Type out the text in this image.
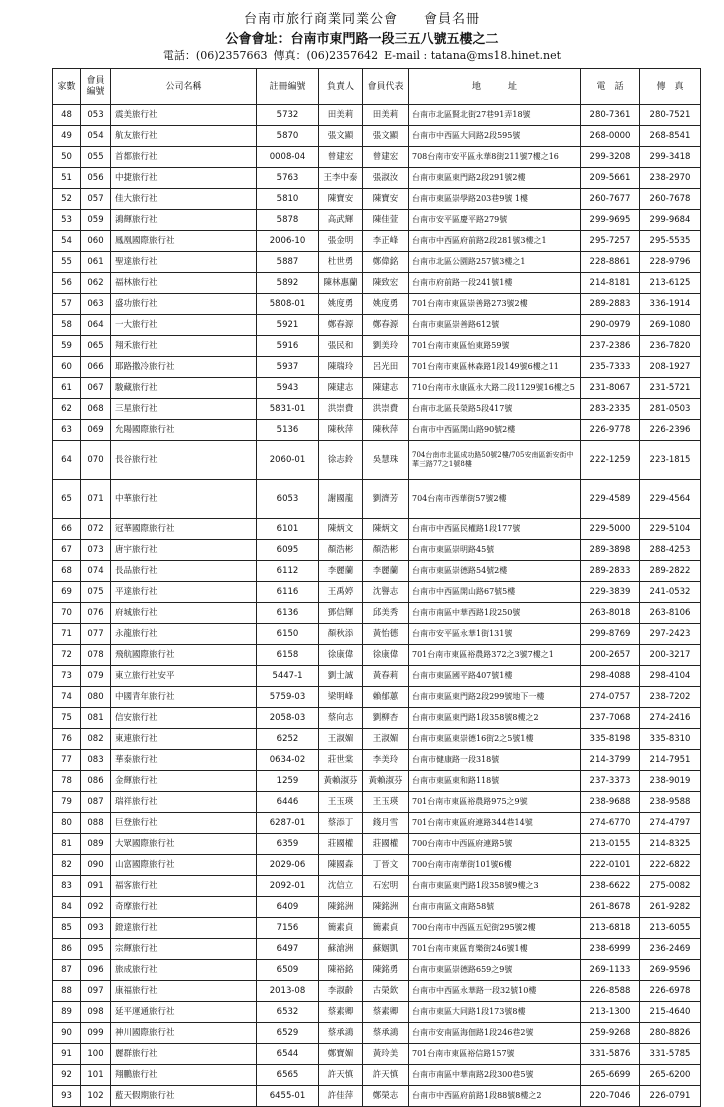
台南市旅行商業同業公會 會員名冊
公會會址：台南市東門路一段三五八號五樓之二
電話：(06)2357663 傳真：(06)2357642 E-mail : tatana@ms18.hinet.net
家數	會員編號	公司名稱	註冊編號	負責人	會員代表	地　　　址	電　話	傳　真
48	053	震美旅行社	5732	田美莉	田美莉	台南市北區賢北街27巷91弄18號	280-7361	280-7521
49	054	航友旅行社	5870	張文顯	張文顯	台南市中西區大同路2段595號	268-0000	268-8541
50	055	首都旅行社	0008-04	曾建宏	曾建宏	708台南市安平區永華8街211號7樓之16	299-3208	299-3418
51	056	中捷旅行社	5763	王李中泰	張淑汝	台南市東區東門路2段291號2樓	209-5661	238-2970
52	057	佳大旅行社	5810	陳寶安	陳寶安	台南市東區崇學路203巷9號 1樓	260-7677	260-7678
53	059	鴻輝旅行社	5878	高武輝	陳佳萱	台南市安平區慶平路279號	299-9695	299-9684
54	060	鳳凰國際旅行社	2006-10	張金明	李正峰	台南市中西區府前路2段281號3樓之1	295-7257	295-5535
55	061	聖達旅行社	5887	杜世勇	鄭偉銘	台南市北區公園路257號3樓之1	228-8861	228-9796
56	062	福林旅行社	5892	陳林惠蘭	陳致宏	台南市府前路一段241號1樓	214-8181	213-6125
57	063	盛功旅行社	5808-01	姚度勇	姚度勇	701台南市東區崇善路273號2樓	289-2883	336-1914
58	064	一大旅行社	5921	鄭春源	鄭春源	台南市東區崇善路612號	290-0979	269-1080
59	065	翔禾旅行社	5916	張民和	劉美玲	701台南市東區怡東路59號	237-2386	236-7820
60	066	耶路撒冷旅行社	5937	陳瑞玲	呂光田	701台南市東區林森路1段149號6樓之11	235-7333	208-1927
61	067	駿藏旅行社	5943	陳建志	陳建志	710台南市永康區永大路二段1129號16樓之5	231-8067	231-5721
62	068	三星旅行社	5831-01	洪崇費	洪崇費	台南市北區長榮路5段417號	283-2335	281-0503
63	069	允陽國際旅行社	5136	陳秋萍	陳秋萍	台南市中西區開山路90號2樓	226-9778	226-2396
64	070	長谷旅行社	2060-01	徐志鈴	吳慧珠	704台南市北區成功路50號2樓/705安南區新安街中華三路77之1號8樓	222-1259	223-1815
65	071	中華旅行社	6053	謝國龍	劉濟芳	704台南市西華街57號2樓	229-4589	229-4564
66	072	冠華國際旅行社	6101	陳炳文	陳炳文	台南市中西區民權路1段177號	229-5000	229-5104
67	073	唐宇旅行社	6095	顏浩彬	顏浩彬	台南市東區崇明路45號	289-3898	288-4253
68	074	長品旅行社	6112	李麗蘭	李麗蘭	台南市東區崇德路54號2樓	289-2833	289-2822
69	075	平達旅行社	6116	王禹婷	沈譽志	台南市中西區開山路67號5樓	229-3839	241-0532
70	076	府城旅行社	6136	鄧信輝	邱美秀	台南市南區中華西路1段250號	263-8018	263-8106
71	077	永龍旅行社	6150	顏秋添	黃怡德	台南市安平區永華1街131號	299-8769	297-2423
72	078	飛航國際旅行社	6158	徐康偉	徐康偉	701台南市東區裕農路372之3號7樓之1	200-2657	200-3217
73	079	東立旅行社安平	5447-1	劉士誠	黃春莉	台南市東區國平路407號1樓	298-4088	298-4104
74	080	中國青年旅行社	5759-03	梁明峰	賴郁蕙	台南市東區東門路2段299號地下一樓	274-0757	238-7202
75	081	信安旅行社	2058-03	蔡向志	劉柳杏	台南市東區東門路1段358號8樓之2	237-7068	274-2416
76	082	東連旅行社	6252	王淑媚	王淑媚	台南市東區東崇德16街2之5號1樓	335-8198	335-8310
77	083	華泰旅行社	0634-02	莊世棠	李美玲	台南市健康路一段318號	214-3799	214-7951
78	086	金輝旅行社	1259	黃賴淑芬	黃賴淑芬	台南市東區東和路118號	237-3373	238-9019
79	087	瑞祥旅行社	6446	王玉瑛	王玉瑛	701台南市東區裕農路975之9號	238-9688	238-9588
80	088	巨登旅行社	6287-01	蔡添丁	錢月雪	701台南市東區府連路344巷14號	274-6770	274-4797
81	089	大眾國際旅行社	6359	莊國權	莊國權	700台南市中西區府連路5號	213-0155	214-8325
82	090	山富國際旅行社	2029-06	陳國森	丁晉文	700台南市南華街101號6樓	222-0101	222-6822
83	091	福客旅行社	2092-01	沈信立	石宏明	台南市東區東門路1段358號9樓之3	238-6622	275-0082
84	092	奇摩旅行社	6409	陳銘洲	陳銘洲	台南市南區文南路58號	261-8678	261-9282
85	093	鐙達旅行社	7156	簡素貞	簡素貞	700台南市中西區五妃街295號2樓	213-6818	213-6055
86	095	宗輝旅行社	6497	蘇滄洲	蘇姻凱	701台南市東區育樂街246號1樓	238-6999	236-2469
87	096	旅成旅行社	6509	陳裕銘	陳銘勇	台南市東區崇德路659之9號	269-1133	269-9596
88	097	康福旅行社	2013-08	李淑齡	古榮欽	台南市中西區永華路一段32號10樓	226-8588	226-6978
89	098	延平運通旅行社	6532	蔡素卿	蔡素卿	台南市東區大同路1段173號8樓	213-1300	215-4640
90	099	神川國際旅行社	6529	蔡承鴻	蔡承鴻	台南市安南區海佃路1段246巷2號	259-9268	280-8826
91	100	麗群旅行社	6544	鄭寶媚	黃玲美	701台南市東區裕信路157號	331-5876	331-5785
92	101	翔鵬旅行社	6565	許天慎	許天慎	台南市南區中華南路2段300巷5號	265-6699	265-6200
93	102	藍天假期旅行社	6455-01	許佳萍	鄭榮志	台南市中西區府前路1段88號8樓之2	220-7046	226-0791
